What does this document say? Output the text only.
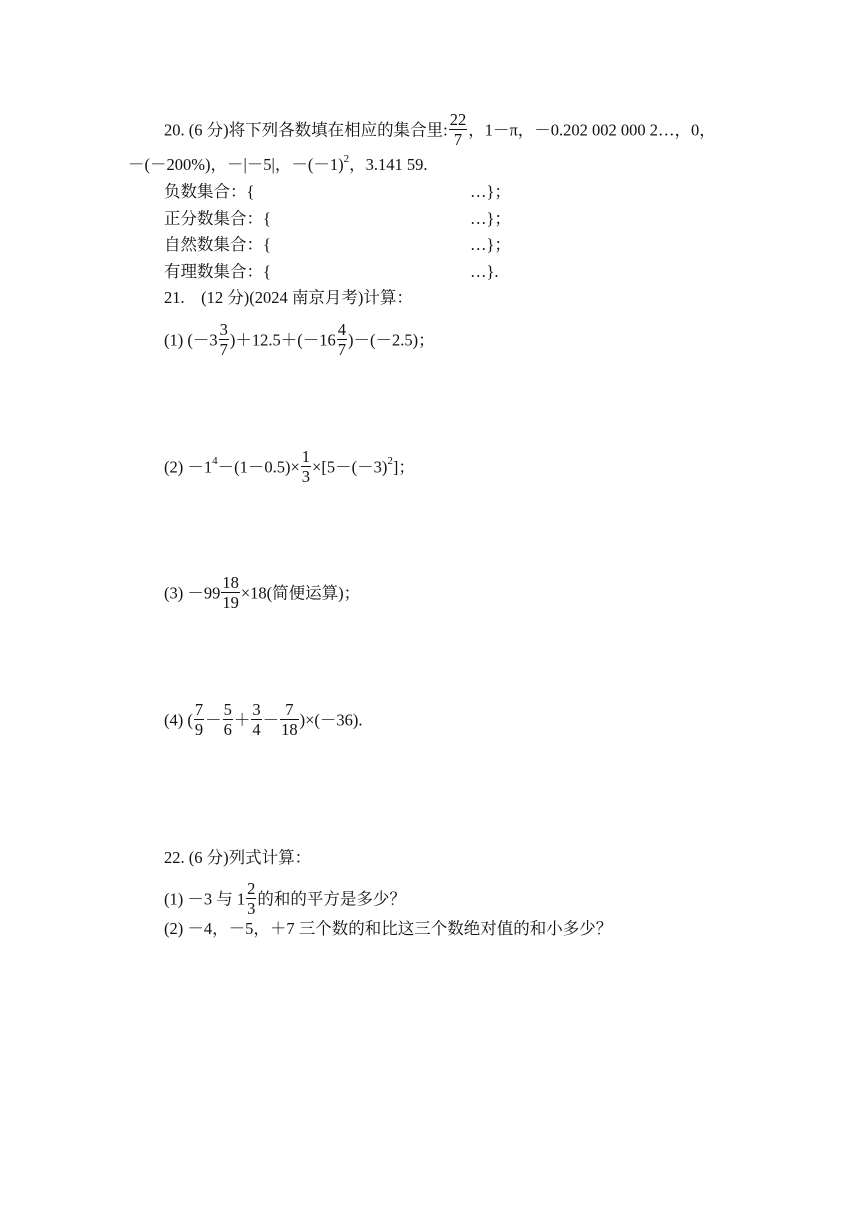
20. (6 分)将下列各数填在相应的集合里: $\frac{22}{7}$ ，1－π，－0.202 002 000 2…，0，
－(－200%)，－|－5|，$-(-1)^2$，3.141 59.
负数集合：{	…}；
正分数集合：{	…}；
自然数集合：{	…}；
有理数集合：{	…}.
21.　(12 分)(2024 南京月考)计算：
(1) $(-3 \frac{3}{7} )+12.5+(-16 \frac{4}{7} )-(-2.5)$；
$(2) -1^4-(1-0.5)\times \frac{1}{3} \times[5-(-3)^2]$；
$(3) -99 \frac{18}{19} \times 18$(简便运算)；
(4) ( $\frac{7}{9} - \frac{5}{6} + \frac{3}{4} - \frac{7}{18} )\times(-36)$.
22. (6 分)列式计算：
(1) －3 与 $1 \frac{2}{3}$ 的和的平方是多少？
(2) －4，－5，＋7 三个数的和比这三个数绝对值的和小多少？
